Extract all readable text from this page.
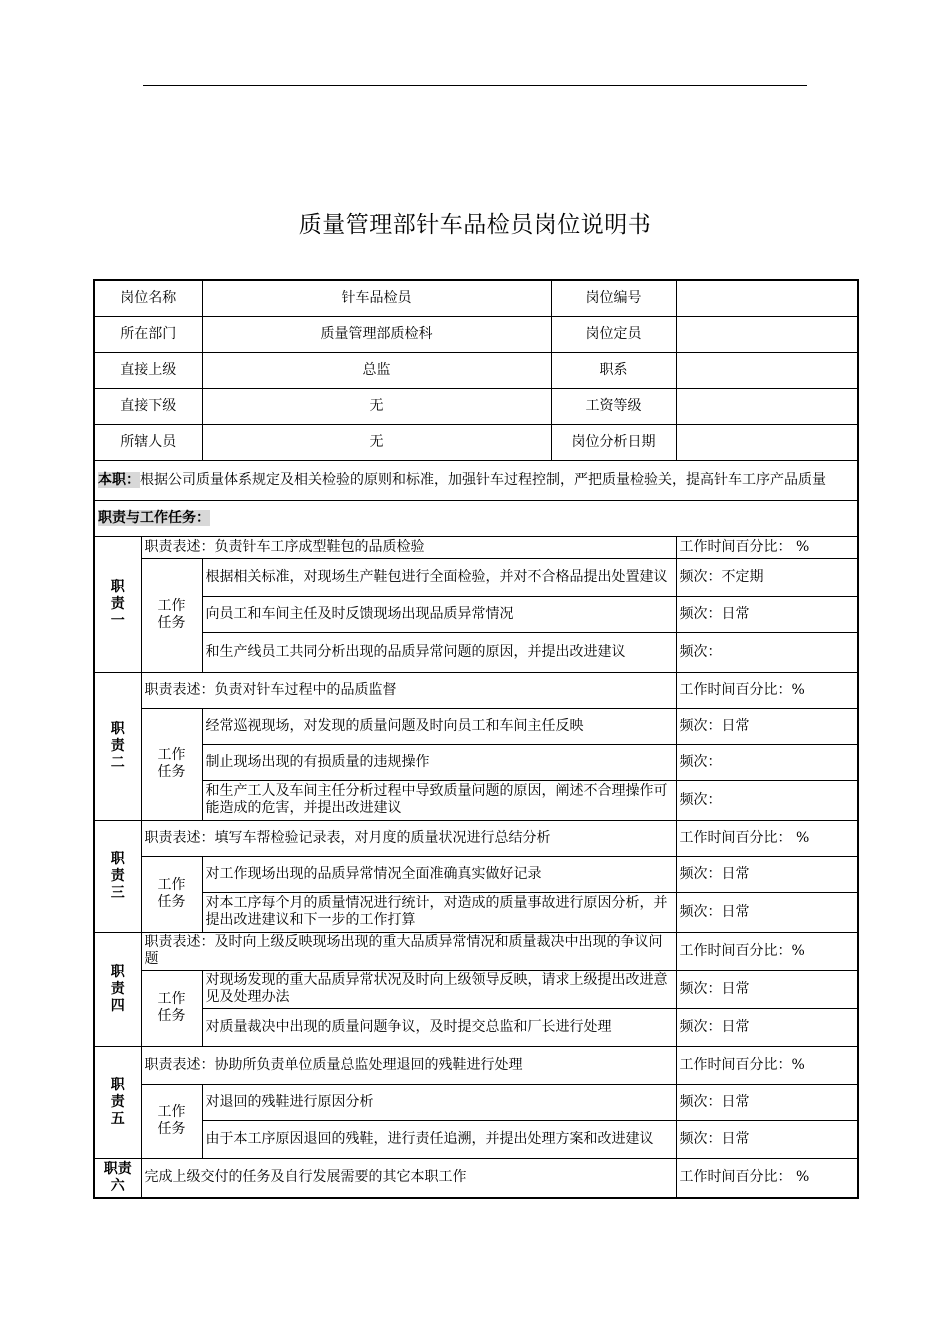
质量管理部针车品检员岗位说明书
岗位名称		针车品检员	岗位编号	
所在部门		质量管理部质检科	岗位定员	
直接上级		总监	职系	
直接下级		无	工资等级	
所辖人员		无	岗位分析日期	
本职：根据公司质量体系规定及相关检验的原则和标准，加强针车过程控制，严把质量检验关，提高针车工序产品质量				
职责与工作任务：				
职
责
一	职责表述：负责针车工序成型鞋包的品质检验			工作时间百分比： %
	工作
任务	根据相关标准，对现场生产鞋包进行全面检验，并对不合格品提出处置建议		频次：不定期
		向员工和车间主任及时反馈现场出现品质异常情况		频次：日常
		和生产线员工共同分析出现的品质异常问题的原因，并提出改进建议		频次：
职
责
二	职责表述：负责对针车过程中的品质监督			工作时间百分比：%
	工作
任务	经常巡视现场，对发现的质量问题及时向员工和车间主任反映		频次：日常
		制止现场出现的有损质量的违规操作		频次：
		和生产工人及车间主任分析过程中导致质量问题的原因，阐述不合理操作可能造成的危害，并提出改进建议		频次：
职
责
三	职责表述：填写车帮检验记录表，对月度的质量状况进行总结分析			工作时间百分比： %
	工作
任务	对工作现场出现的品质异常情况全面准确真实做好记录		频次：日常
		对本工序每个月的质量情况进行统计，对造成的质量事故进行原因分析，并提出改进建议和下一步的工作打算		频次：日常
职
责
四	职责表述：及时向上级反映现场出现的重大品质异常情况和质量裁决中出现的争议问题			工作时间百分比：%
	工作
任务	对现场发现的重大品质异常状况及时向上级领导反映，请求上级提出改进意见及处理办法		频次：日常
		对质量裁决中出现的质量问题争议，及时提交总监和厂长进行处理		频次：日常
职
责
五	职责表述：协助所负责单位质量总监处理退回的残鞋进行处理			工作时间百分比：%
	工作
任务	对退回的残鞋进行原因分析		频次：日常
		由于本工序原因退回的残鞋，进行责任追溯，并提出处理方案和改进建议		频次：日常
职责
六	完成上级交付的任务及自行发展需要的其它本职工作			工作时间百分比： %
